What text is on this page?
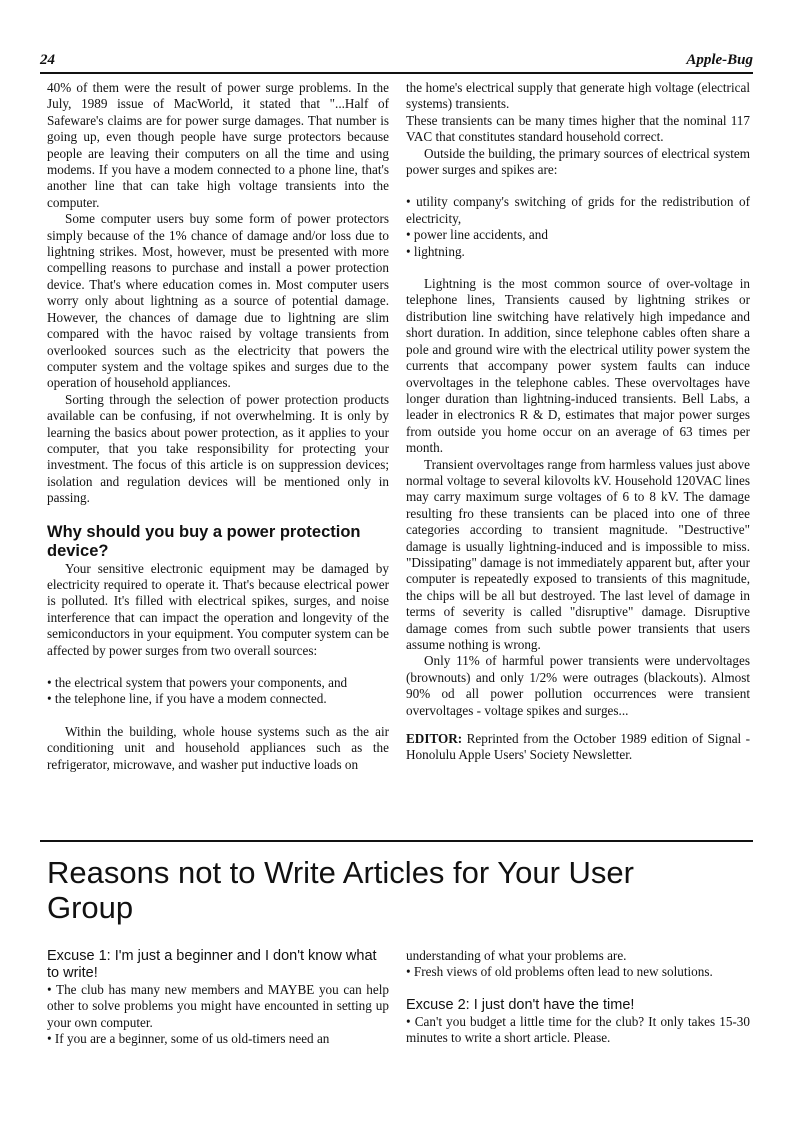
24	Apple-Bug

40% of them were the result of power surge problems. In the July, 1989 issue of MacWorld, it stated that "...Half of Safeware's claims are for power surge damages. That number is going up, even though people have surge protectors because people are leaving their computers on all the time and using modems. If you have a modem connected to a phone line, that's another line that can take high voltage transients into the computer.

Some computer users buy some form of power protectors simply because of the 1% chance of damage and/or loss due to lightning strikes. Most, however, must be presented with more compelling reasons to purchase and install a power protection device. That's where education comes in. Most computer users worry only about lightning as a source of potential damage. However, the chances of damage due to lightning are slim compared with the havoc raised by voltage transients from overlooked sources such as the electricity that powers the computer system and the voltage spikes and surges due to the operation of household appliances.

Sorting through the selection of power protection products available can be confusing, if not overwhelming. It is only by learning the basics about power protection, as it applies to your computer, that you take responsibility for protecting your investment. The focus of this article is on suppression devices; isolation and regulation devices will be mentioned only in passing.

Why should you buy a power protection device?

Your sensitive electronic equipment may be damaged by electricity required to operate it. That's because electrical power is polluted. It's filled with electrical spikes, surges, and noise interference that can impact the operation and longevity of the semiconductors in your equipment. You computer system can be affected by power surges from two overall sources:

• the electrical system that powers your components, and

• the telephone line, if you have a modem connected.

Within the building, whole house systems such as the air conditioning unit and household appliances such as the refrigerator, microwave, and washer put inductive loads on

the home's electrical supply that generate high voltage (electrical systems) transients.

These transients can be many times higher that the nominal 117 VAC that constitutes standard household correct.

Outside the building, the primary sources of electrical system power surges and spikes are:

• utility company's switching of grids for the redistribution of electricity,

• power line accidents, and

• lightning.

Lightning is the most common source of over-voltage in telephone lines, Transients caused by lightning strikes or distribution line switching have relatively high impedance and short duration. In addition, since telephone cables often share a pole and ground wire with the electrical utility power system the currents that accompany power system faults can induce overvoltages in the telephone cables. These overvoltages have longer duration than lightning-induced transients. Bell Labs, a leader in electronics R & D, estimates that major power surges from outside you home occur on an average of 63 times per month.

Transient overvoltages range from harmless values just above normal voltage to several kilovolts kV. Household 120VAC lines may carry maximum surge voltages of 6 to 8 kV. The damage resulting fro these transients can be placed into one of three categories according to transient magnitude. "Destructive" damage is usually lightning-induced and is impossible to miss. "Dissipating" damage is not immediately apparent but, after your computer is repeatedly exposed to transients of this magnitude, the chips will be all but destroyed. The last level of damage in terms of severity is called "disruptive" damage. Disruptive damage comes from such subtle power transients that users assume nothing is wrong.

Only 11% of harmful power transients were undervoltages (brownouts) and only 1/2% were outrages (blackouts). Almost 90% od all power pollution occurrences were transient overvoltages - voltage spikes and surges...

EDITOR: Reprinted from the October 1989 edition of Signal - Honolulu Apple Users' Society Newsletter.

Reasons not to Write Articles for Your User Group

Excuse 1: I'm just a beginner and I don't know what to write!

• The club has many new members and MAYBE you can help other to solve problems you might have encounted in setting up your own computer.

• If you are a beginner, some of us old-timers need an

understanding of what your problems are.

• Fresh views of old problems often lead to new solutions.

Excuse 2: I just don't have the time!

• Can't you budget a little time for the club? It only takes 15-30 minutes to write a short article. Please.
